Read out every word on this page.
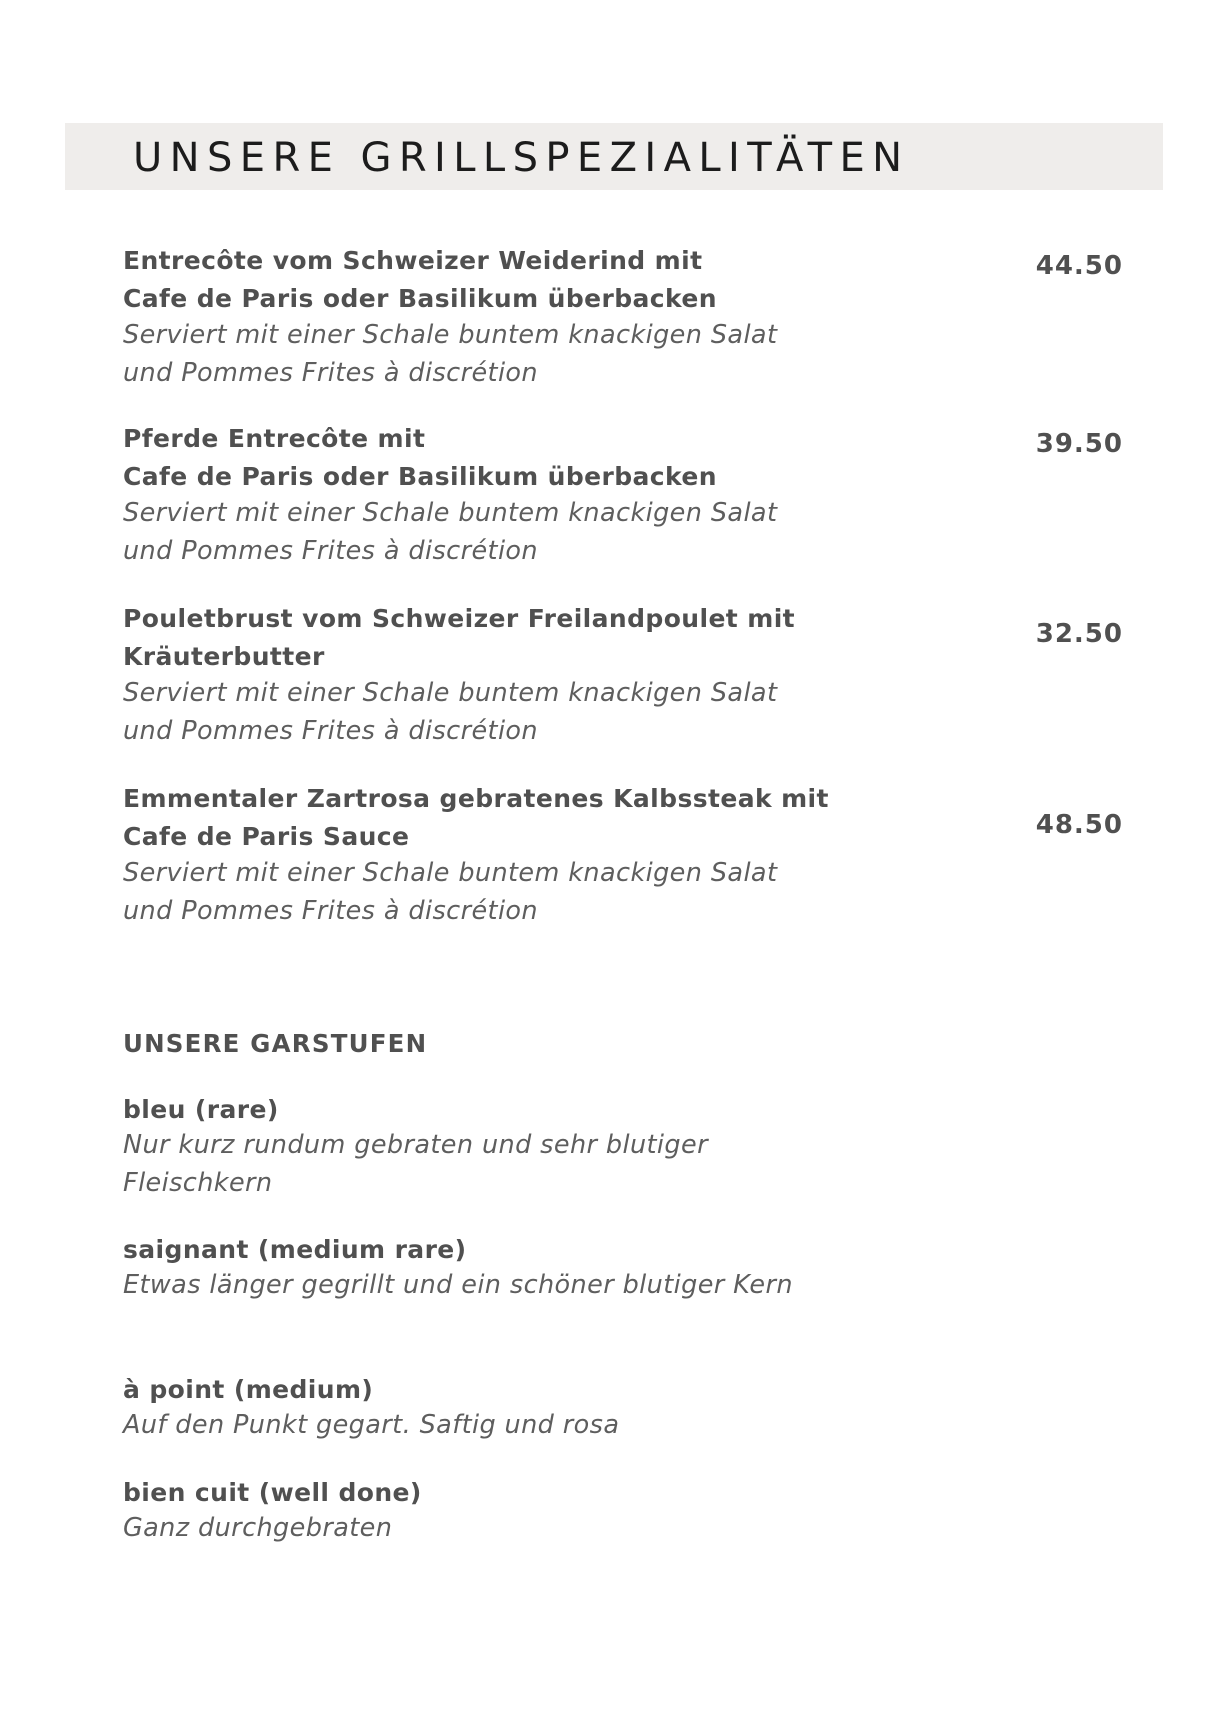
UNSERE GRILLSPEZIALITÄTEN

Entrecôte vom Schweizer Weiderind mit
Cafe de Paris oder Basilikum überbacken

Serviert mit einer Schale buntem knackigen Salat
und Pommes Frites à discrétion

44.50

Pferde Entrecôte mit
Cafe de Paris oder Basilikum überbacken

Serviert mit einer Schale buntem knackigen Salat
und Pommes Frites à discrétion

39.50

Pouletbrust vom Schweizer Freilandpoulet mit
Kräuterbutter

Serviert mit einer Schale buntem knackigen Salat
und Pommes Frites à discrétion

32.50

Emmentaler Zartrosa gebratenes Kalbssteak mit
Cafe de Paris Sauce

Serviert mit einer Schale buntem knackigen Salat
und Pommes Frites à discrétion

48.50
UNSERE GARSTUFEN

bleu (rare)

Nur kurz rundum gebraten und sehr blutiger Fleischkern

saignant (medium rare)

Etwas länger gegrillt und ein schöner blutiger Kern

à point (medium)

Auf den Punkt gegart. Saftig und rosa

bien cuit (well done)

Ganz durchgebraten
